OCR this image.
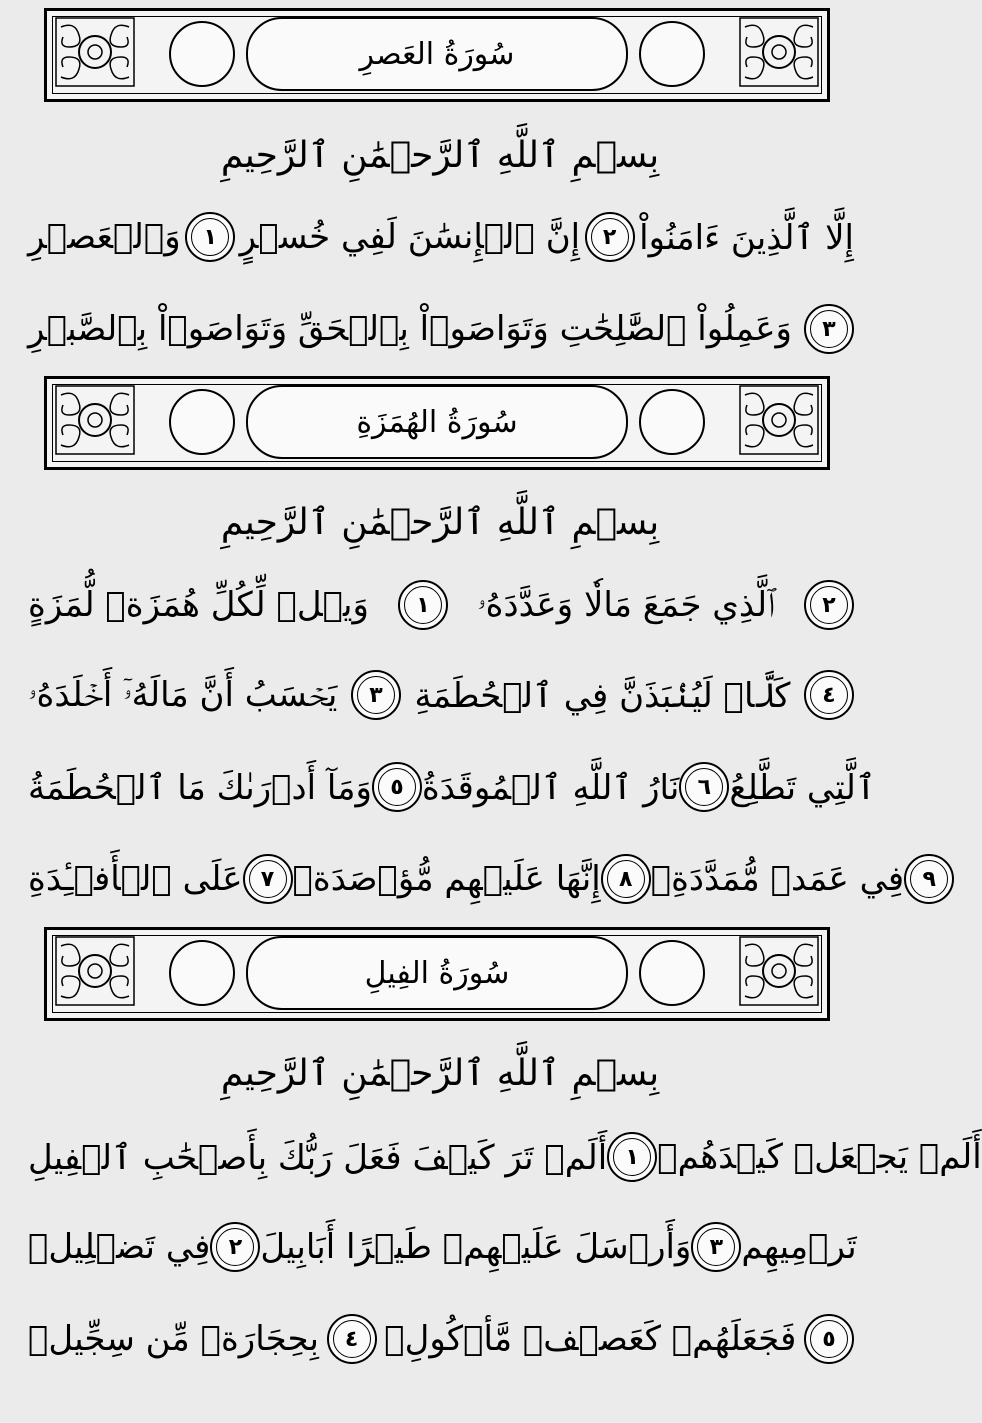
سُورَةُ العَصرِ
بِسۡمِ ٱللَّهِ ٱلرَّحۡمَٰنِ ٱلرَّحِيمِ
وَٱلۡعَصۡرِ ١ إِنَّ ٱلۡإِنسَٰنَ لَفِي خُسۡرٍ ٢ إِلَّا ٱلَّذِينَ ءَامَنُواْ
وَعَمِلُواْ ٱلصَّٰلِحَٰتِ وَتَوَاصَوۡاْ بِٱلۡحَقِّ وَتَوَاصَوۡاْ بِٱلصَّبۡرِ ٣
سُورَةُ الهُمَزَةِ
بِسۡمِ ٱللَّهِ ٱلرَّحۡمَٰنِ ٱلرَّحِيمِ
وَيۡلٞ لِّكُلِّ هُمَزَةٖ لُّمَزَةٍ ١ ٱلَّذِي جَمَعَ مَالٗا وَعَدَّدَهُۥ ٢
يَحۡسَبُ أَنَّ مَالَهُۥٓ أَخۡلَدَهُۥ ٣ كَلَّاۖ لَيُنۢبَذَنَّ فِي ٱلۡحُطَمَةِ ٤
وَمَآ أَدۡرَىٰكَ مَا ٱلۡحُطَمَةُ ٥ نَارُ ٱللَّهِ ٱلۡمُوقَدَةُ ٦ ٱلَّتِي تَطَّلِعُ
عَلَى ٱلۡأَفۡـِٔدَةِ ٧ إِنَّهَا عَلَيۡهِم مُّؤۡصَدَةٞ ٨ فِي عَمَدٖ مُّمَدَّدَةِۭ ٩
سُورَةُ الفِيلِ
بِسۡمِ ٱللَّهِ ٱلرَّحۡمَٰنِ ٱلرَّحِيمِ
أَلَمۡ تَرَ كَيۡفَ فَعَلَ رَبُّكَ بِأَصۡحَٰبِ ٱلۡفِيلِ ١ أَلَمۡ يَجۡعَلۡ كَيۡدَهُمۡ
فِي تَضۡلِيلٖ ٢ وَأَرۡسَلَ عَلَيۡهِمۡ طَيۡرًا أَبَابِيلَ ٣ تَرۡمِيهِم
بِحِجَارَةٖ مِّن سِجِّيلٖ ٤ فَجَعَلَهُمۡ كَعَصۡفٖ مَّأۡكُولِۭ ٥
